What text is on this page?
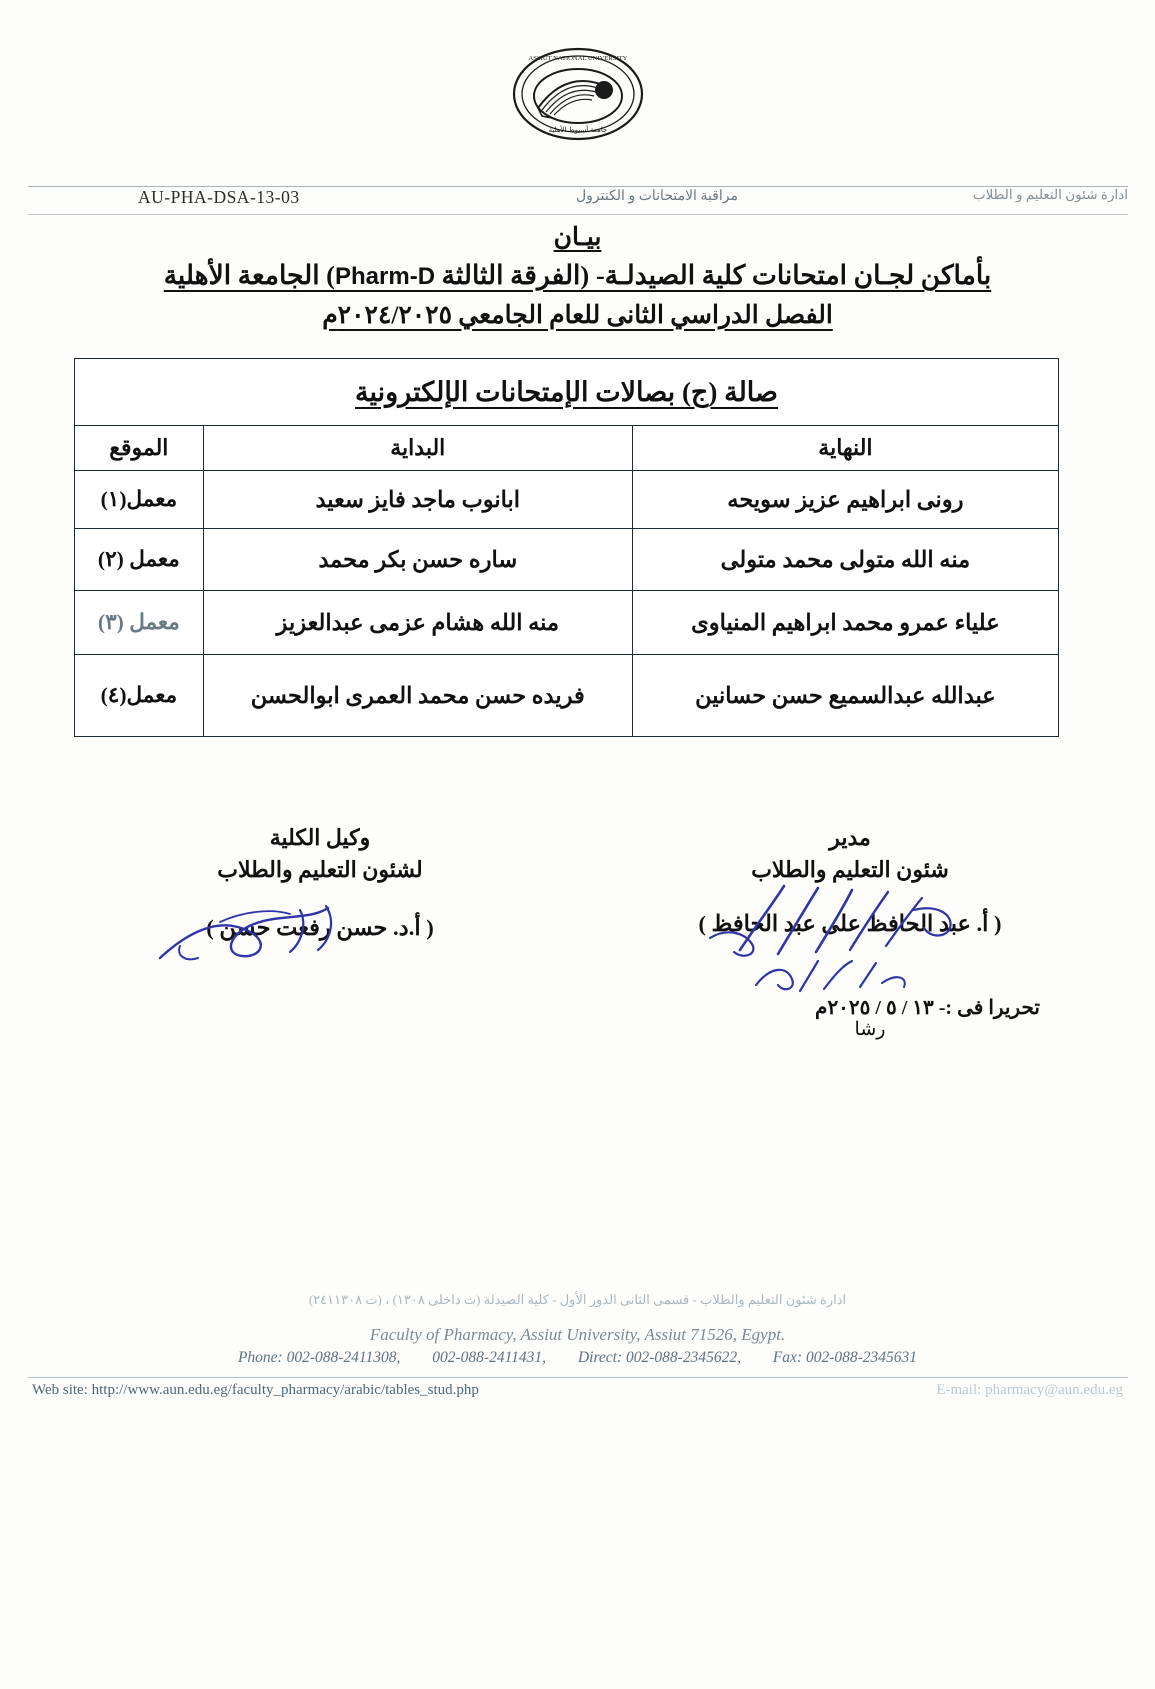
ASSIUT NATIONAL UNIVERSITY
جامعة أسيوط الأهلية
ادارة شئون التعليم و الطلاب
مراقبة الامتحانات و الكنترول
AU-PHA-DSA-13-03
بيـان
بأماكن لجـان امتحانات كلية الصيدلـة- (الفرقة الثالثة Pharm-D) الجامعة الأهلية
الفصل الدراسي الثانى للعام الجامعي ٢٠٢٤/٢٠٢٥م
صالة (ج) بصالات الإمتحانات الإلكترونية		
النهاية	البداية	الموقع
رونى ابراهيم عزيز سويحه	ابانوب ماجد فايز سعيد	معمل(١)
منه الله متولى محمد متولى	ساره حسن بكر محمد	معمل (٢)
علياء عمرو محمد ابراهيم المنياوى	منه الله هشام عزمى عبدالعزيز	معمل (٣)
عبدالله عبدالسميع حسن حسانين	فريده حسن محمد العمرى ابوالحسن	معمل(٤)
وكيل الكلية
لشئون التعليم والطلاب
( أ.د. حسن رفعت حسن )
مدير
شئون التعليم والطلاب
( أ. عبد الحافظ على عبد الحافظ )
تحريرا فى :- ١٣ / ٥ / ٢٠٢٥م
رشا
ادارة شئون التعليم والطلاب - قسمى الثانى الدور الأول - كلية الصيدلة (ت داخلى ١٣٠٨) ، (ت ٢٤١١٣٠٨)
Faculty of Pharmacy, Assiut University, Assiut 71526, Egypt.
Phone: 002-088-2411308, 002-088-2411431, Direct: 002-088-2345622, Fax: 002-088-2345631
Web site: http://www.aun.edu.eg/faculty_pharmacy/arabic/tables_stud.php	E-mail: pharmacy@aun.edu.eg
